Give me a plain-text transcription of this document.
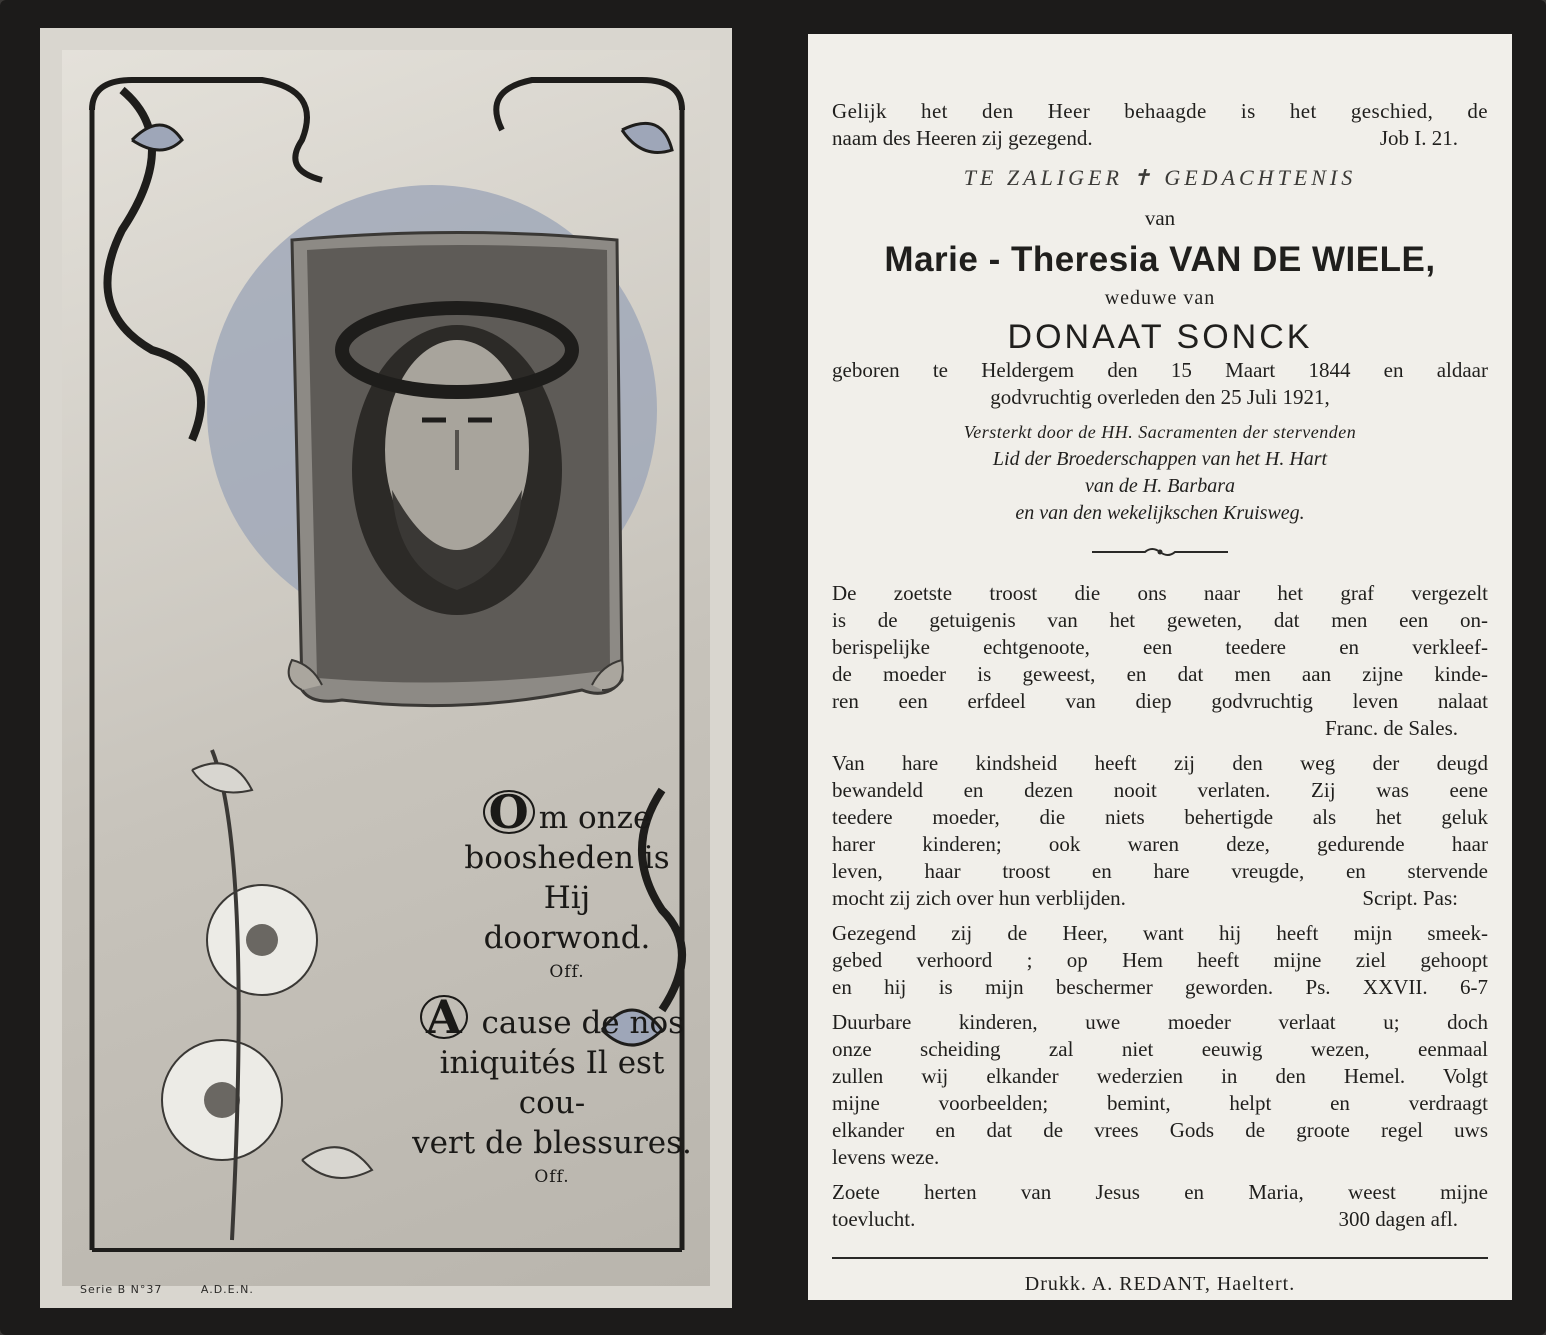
O m onze
boosheden is Hij
doorwond.
Off.
A cause de nos
iniquités Il est cou-
vert de blessures.
Off.
Serie B N°37	A.D.E.N.
Gelijk het den Heer behaagde is het geschied, de
naam des Heeren zij gezegend.	Job I. 21.
TE ZALIGER ✝ GEDACHTENIS
van
Marie - Theresia VAN DE WIELE,
weduwe van
DONAAT SONCK
geboren te Heldergem den 15 Maart 1844 en aldaar
godvruchtig overleden den 25 Juli 1921,
Versterkt door de HH. Sacramenten der stervenden
Lid der Broederschappen van het H. Hart
van de H. Barbara
en van den wekelijkschen Kruisweg.
De zoetste troost die ons naar het graf vergezelt
is de getuigenis van het geweten, dat men een on-
berispelijke echtgenoote, een teedere en verkleef-
de moeder is geweest, en dat men aan zijne kinde-
ren een erfdeel van diep godvruchtig leven nalaat
Franc. de Sales.
Van hare kindsheid heeft zij den weg der deugd
bewandeld en dezen nooit verlaten. Zij was eene
teedere moeder, die niets behertigde als het geluk
harer kinderen; ook waren deze, gedurende haar
leven, haar troost en hare vreugde, en stervende
mocht zij zich over hun verblijden.	Script. Pas:
Gezegend zij de Heer, want hij heeft mijn smeek-
gebed verhoord ; op Hem heeft mijne ziel gehoopt
en hij is mijn beschermer geworden. Ps. XXVII. 6-7
Duurbare kinderen, uwe moeder verlaat u; doch
onze scheiding zal niet eeuwig wezen, eenmaal
zullen wij elkander wederzien in den Hemel. Volgt
mijne voorbeelden; bemint, helpt en verdraagt
elkander en dat de vrees Gods de groote regel uws
levens weze.
Zoete herten van Jesus en Maria, weest mijne
toevlucht.	300 dagen afl.
Drukk. A. REDANT, Haeltert.
